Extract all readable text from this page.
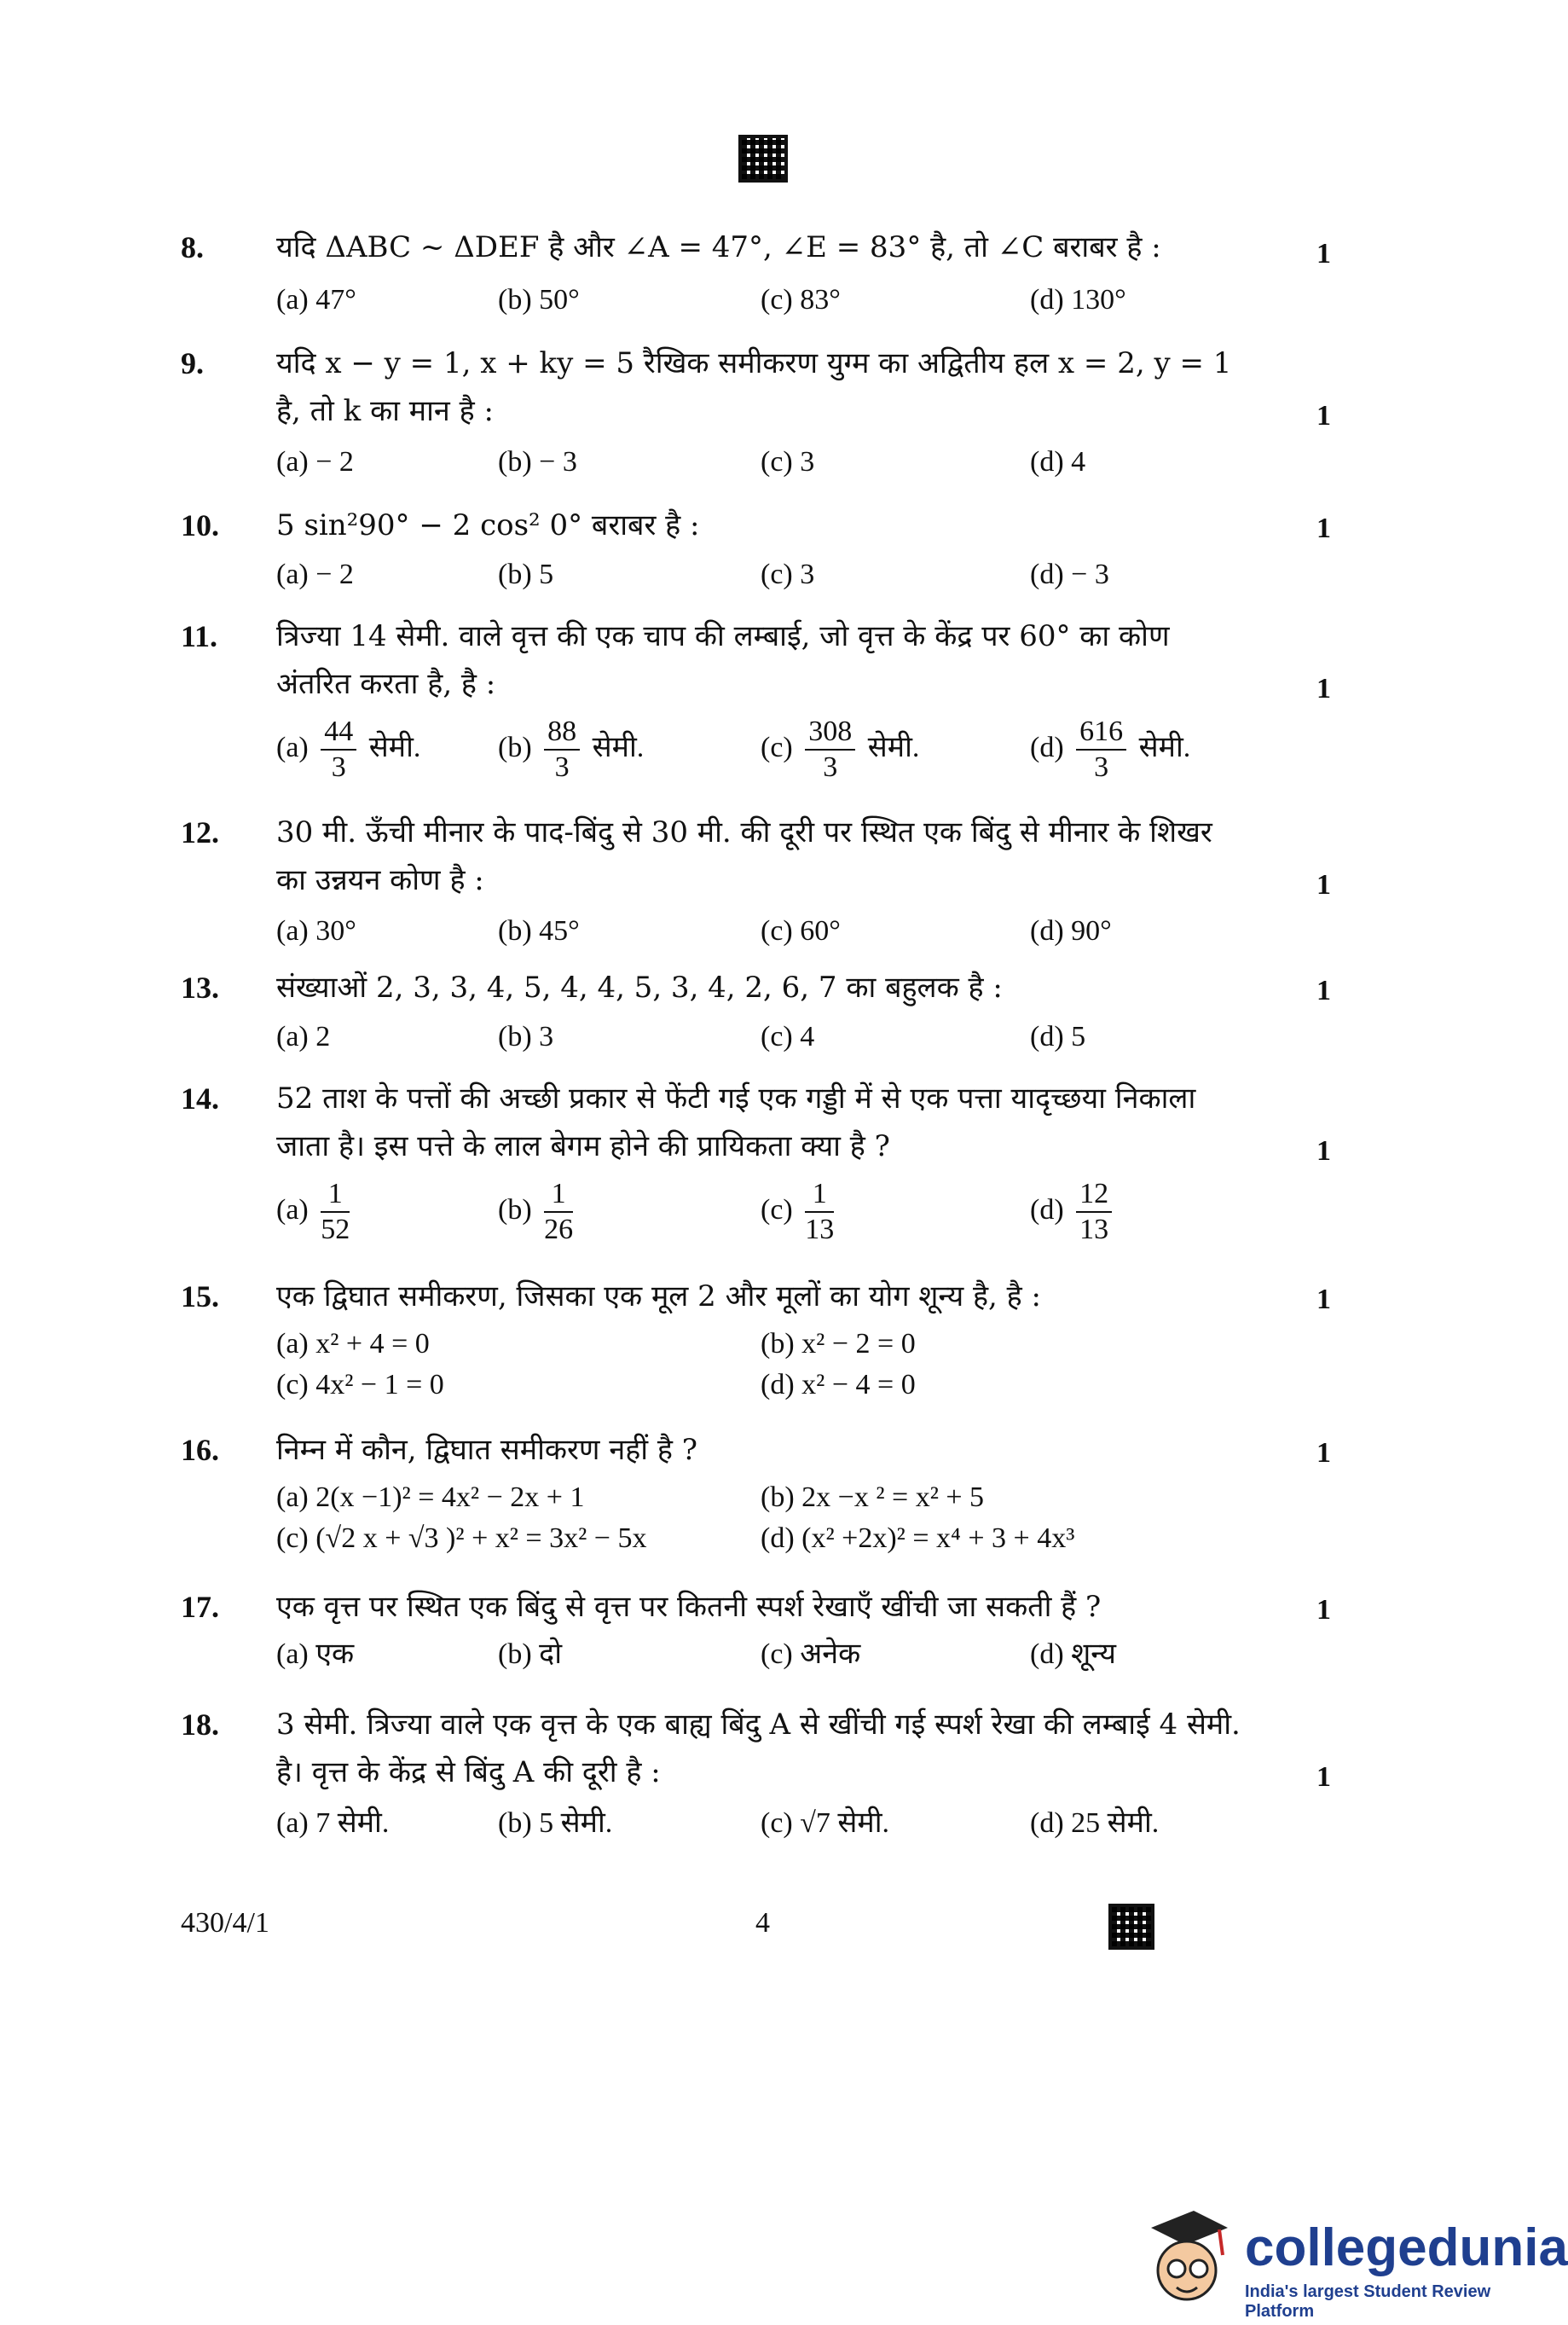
8.	यदि ΔABC ~ ΔDEF है और ∠A = 47°, ∠E = 83° है, तो ∠C बराबर है :	1
(a) 47°	(b) 50°	(c) 83°	(d) 130°
9.	यदि x − y = 1, x + ky = 5 रैखिक समीकरण युग्म का अद्वितीय हल x = 2, y = 1 है, तो k का मान है :	1
(a) − 2	(b) − 3	(c) 3	(d) 4
10. 5 sin²90° − 2 cos² 0° बराबर है :	1
(a) − 2	(b) 5	(c) 3	(d) − 3
11. त्रिज्या 14 सेमी. वाले वृत्त की एक चाप की लम्बाई, जो वृत्त के केंद्र पर 60° का कोण अंतरित करता है, है :	1
$(a) \frac{44}{3}$ सेमी.	$(b) \frac{88}{3}$ सेमी.	$(c) \frac{308}{3}$ सेमी.	$(d) \frac{616}{3}$ सेमी.
12. 30 मी. ऊँची मीनार के पाद-बिंदु से 30 मी. की दूरी पर स्थित एक बिंदु से मीनार के शिखर का उन्नयन कोण है :	1
(a) 30°	(b) 45°	(c) 60°	(d) 90°
13. संख्याओं 2, 3, 3, 4, 5, 4, 4, 5, 3, 4, 2, 6, 7 का बहुलक है :	1
(a) 2	(b) 3	(c) 4	(d) 5
14. 52 ताश के पत्तों की अच्छी प्रकार से फेंटी गई एक गड्डी में से एक पत्ता यादृच्छया निकाला जाता है। इस पत्ते के लाल बेगम होने की प्रायिकता क्या है ?	1
$(a) \frac{1}{52}$	$(b) \frac{1}{26}$	$(c) \frac{1}{13}$	$(d) \frac{12}{13}$
15. एक द्विघात समीकरण, जिसका एक मूल 2 और मूलों का योग शून्य है, है :	1
(a) x² + 4 = 0	(b) x² − 2 = 0
(c) 4x² − 1 = 0	(d) x² − 4 = 0
16. निम्न में कौन, द्विघात समीकरण नहीं है ?	1
(a) 2(x −1)² = 4x² − 2x + 1	(b) 2x −x ² = x² + 5
(c) (√2 x + √3 )² + x² = 3x² − 5x	(d) (x² +2x)² = x⁴ + 3 + 4x³
17. एक वृत्त पर स्थित एक बिंदु से वृत्त पर कितनी स्पर्श रेखाएँ खींची जा सकती हैं ?	1
(a) एक	(b) दो	(c) अनेक	(d) शून्य
18. 3 सेमी. त्रिज्या वाले एक वृत्त के एक बाह्य बिंदु A से खींची गई स्पर्श रेखा की लम्बाई 4 सेमी. है। वृत्त के केंद्र से बिंदु A की दूरी है :	1
(a) 7 सेमी.	(b) 5 सेमी.	(c) √7 सेमी.	(d) 25 सेमी.
430/4/1	4
collegedunia
India's largest Student Review Platform
